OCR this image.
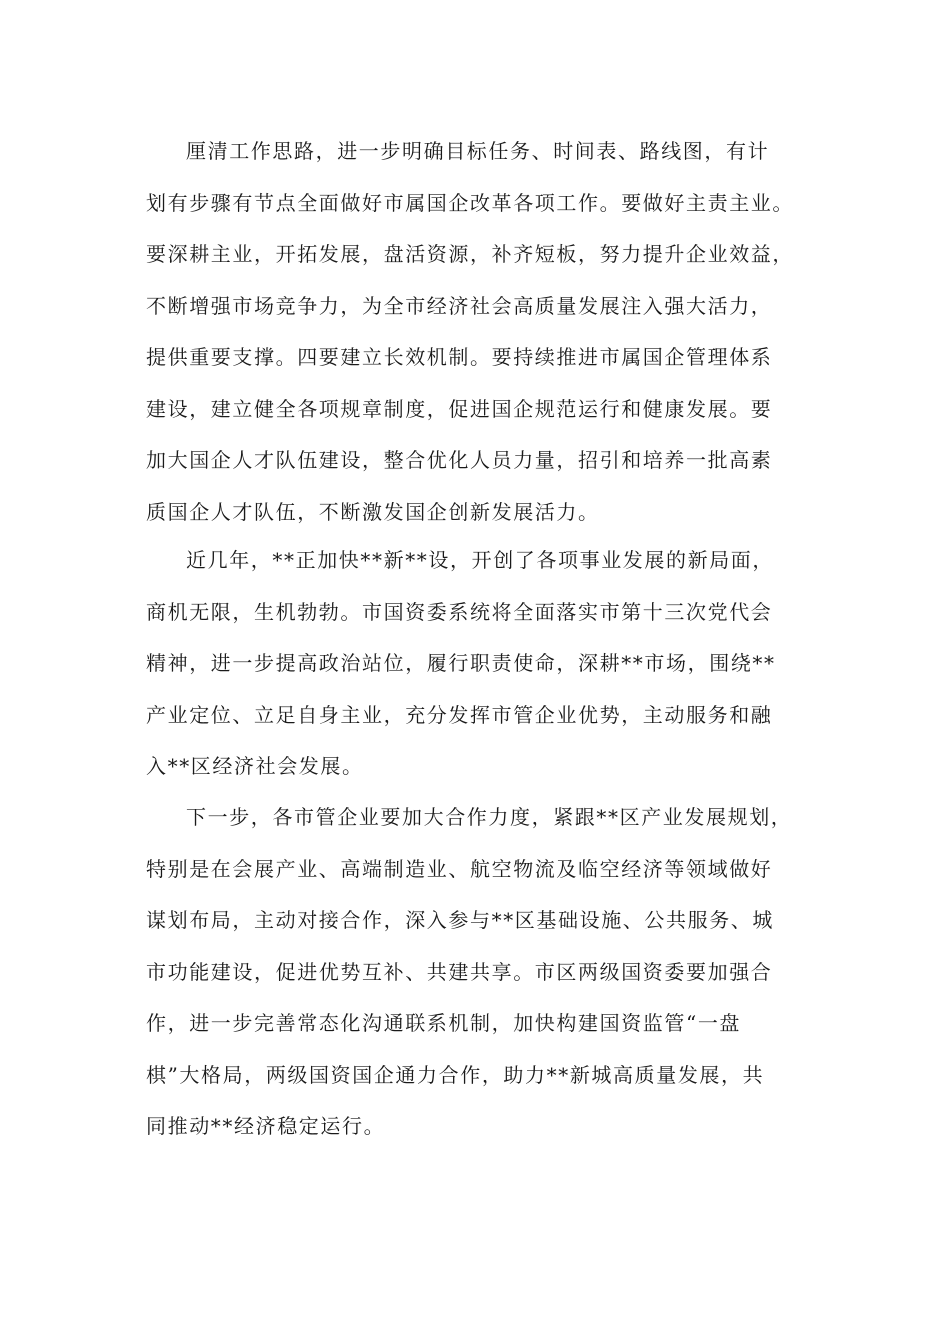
厘清工作思路，进一步明确目标任务、时间表、路线图，有计
划有步骤有节点全面做好市属国企改革各项工作。要做好主责主业。
要深耕主业，开拓发展，盘活资源，补齐短板，努力提升企业效益，
不断增强市场竞争力，为全市经济社会高质量发展注入强大活力，
提供重要支撑。四要建立长效机制。要持续推进市属国企管理体系
建设，建立健全各项规章制度，促进国企规范运行和健康发展。要
加大国企人才队伍建设，整合优化人员力量，招引和培养一批高素
质国企人才队伍，不断激发国企创新发展活力。

近几年，**正加快**新**设，开创了各项事业发展的新局面，
商机无限，生机勃勃。市国资委系统将全面落实市第十三次党代会
精神，进一步提高政治站位，履行职责使命，深耕**市场，围绕**
产业定位、立足自身主业，充分发挥市管企业优势，主动服务和融
入**区经济社会发展。

下一步，各市管企业要加大合作力度，紧跟**区产业发展规划，
特别是在会展产业、高端制造业、航空物流及临空经济等领域做好
谋划布局，主动对接合作，深入参与**区基础设施、公共服务、城
市功能建设，促进优势互补、共建共享。市区两级国资委要加强合
作，进一步完善常态化沟通联系机制，加快构建国资监管“一盘
棋”大格局，两级国资国企通力合作，助力**新城高质量发展，共
同推动**经济稳定运行。
